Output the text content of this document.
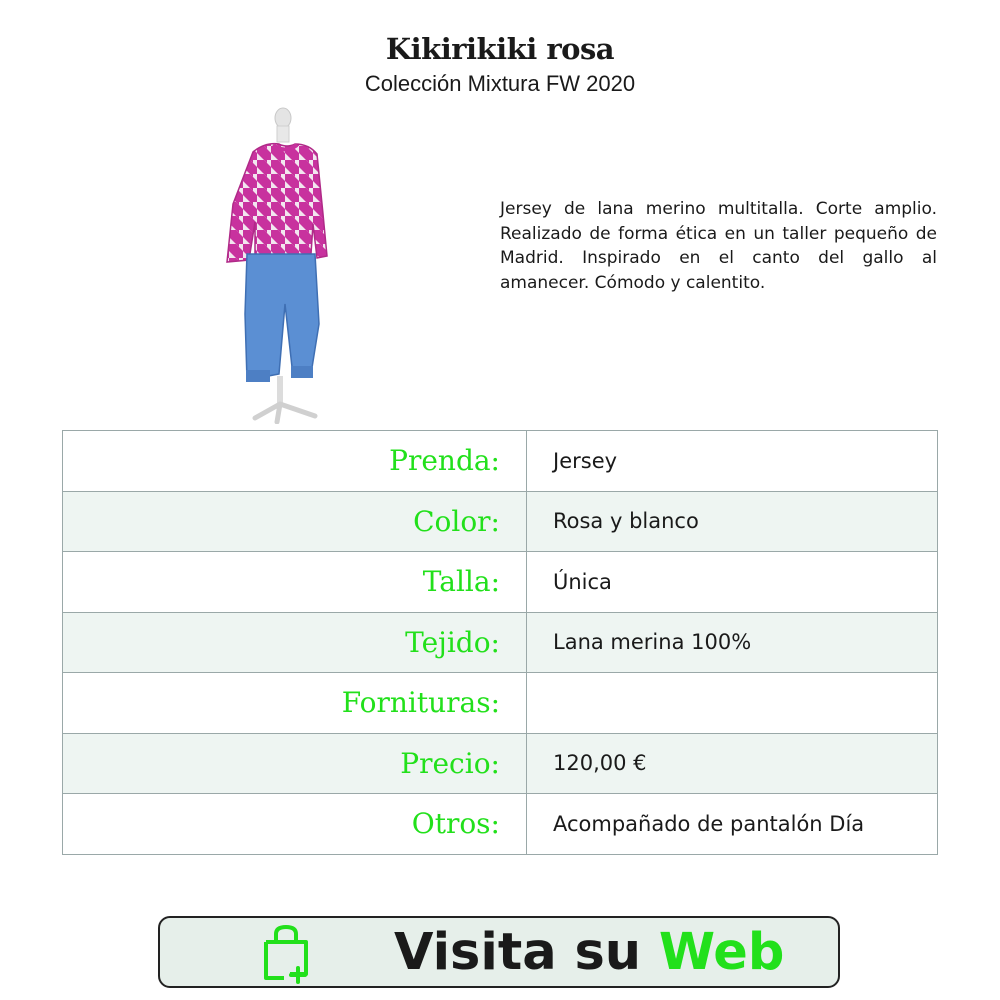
Kikirikiki rosa
Colección Mixtura FW 2020
Jersey de lana merino multitalla. Corte amplio. Realizado de forma ética en un taller pequeño de Madrid. Inspirado en el canto del gallo al amanecer. Cómodo y calentito.
Prenda:	Jersey
Color:	Rosa y blanco
Talla:	Única
Tejido:	Lana merina 100%
Fornituras:	
Precio:	120,00 €
Otros:	Acompañado de pantalón Día
Visita su Web
